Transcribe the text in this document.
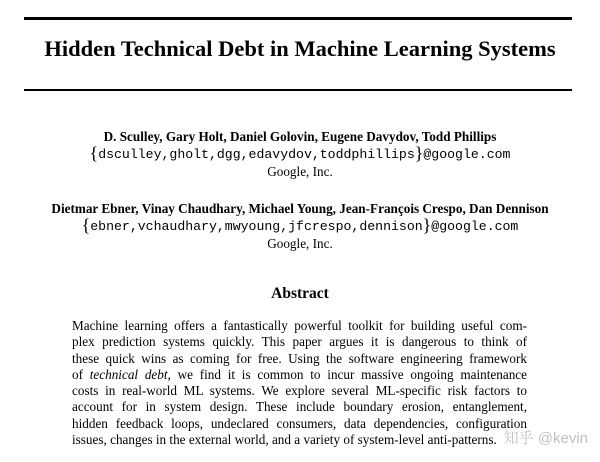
Hidden Technical Debt in Machine Learning Systems
D. Sculley, Gary Holt, Daniel Golovin, Eugene Davydov, Todd Phillips
{dsculley,gholt,dgg,edavydov,toddphillips}@google.com
Google, Inc.
Dietmar Ebner, Vinay Chaudhary, Michael Young, Jean-François Crespo, Dan Dennison
{ebner,vchaudhary,mwyoung,jfcrespo,dennison}@google.com
Google, Inc.
Abstract
Machine learning offers a fantastically powerful toolkit for building useful com-
plex prediction systems quickly. This paper argues it is dangerous to think of
these quick wins as coming for free. Using the software engineering framework
of technical debt, we find it is common to incur massive ongoing maintenance
costs in real-world ML systems. We explore several ML-specific risk factors to
account for in system design. These include boundary erosion, entanglement,
hidden feedback loops, undeclared consumers, data dependencies, configuration
issues, changes in the external world, and a variety of system-level anti-patterns. 知乎 @kevin
